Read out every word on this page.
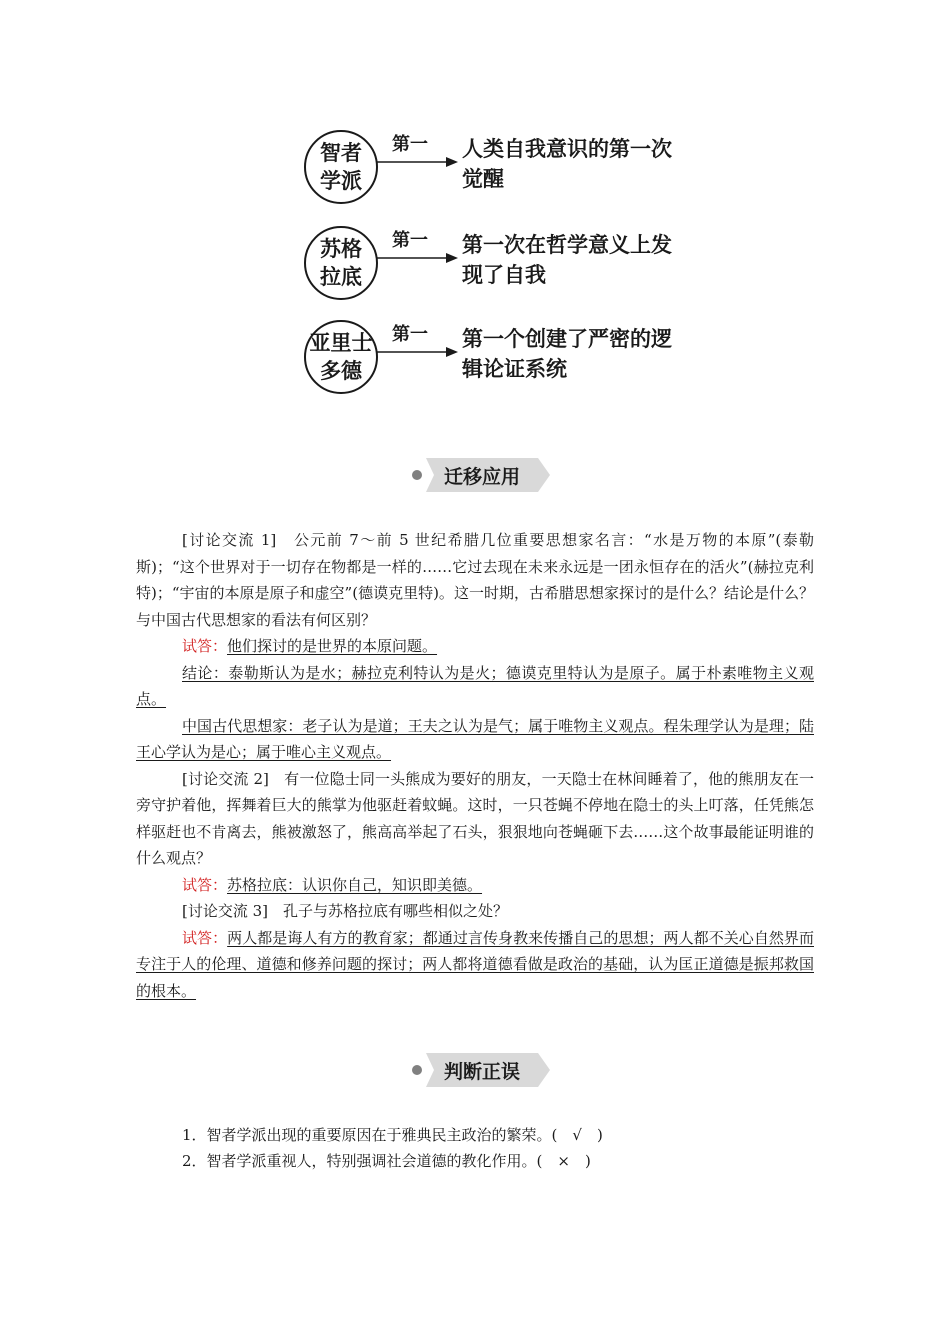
智者
学派
第一 人类自我意识的第一次
觉醒
苏格
拉底
第一 第一次在哲学意义上发
现了自我
亚里士
多德
第一 第一个创建了严密的逻
辑论证系统
迁移应用

[讨论交流 1]　 公元前 7～前 5 世纪希腊几位重要思想家名言：“水是万物的本原”(泰勒斯)；“这个世界对于一切存在物都是一样的……它过去现在未来永远是一团永恒存在的活火”(赫拉克利特)；“宇宙的本原是原子和虚空”(德谟克里特)。这一时期，古希腊思想家探讨的是什么？结论是什么？与中国古代思想家的看法有何区别？

试答：他们探讨的是世界的本原问题。

结论：泰勒斯认为是水；赫拉克利特认为是火；德谟克里特认为是原子。属于朴素唯物主义观点。

中国古代思想家：老子认为是道；王夫之认为是气；属于唯物主义观点。程朱理学认为是理；陆王心学认为是心；属于唯心主义观点。

[讨论交流 2]　 有一位隐士同一头熊成为要好的朋友，一天隐士在林间睡着了，他的熊朋友在一旁守护着他，挥舞着巨大的熊掌为他驱赶着蚊蝇。这时，一只苍蝇不停地在隐士的头上叮落，任凭熊怎样驱赶也不肯离去，熊被激怒了，熊高高举起了石头，狠狠地向苍蝇砸下去……这个故事最能证明谁的什么观点？

试答：苏格拉底：认识你自己，知识即美德。

[讨论交流 3]　 孔子与苏格拉底有哪些相似之处？

试答：两人都是诲人有方的教育家；都通过言传身教来传播自己的思想；两人都不关心自然界而专注于人的伦理、道德和修养问题的探讨；两人都将道德看做是政治的基础，认为匡正道德是振邦救国的根本。

判断正误
1．智者学派出现的重要原因在于雅典民主政治的繁荣。(　√　)
2．智者学派重视人，特别强调社会道德的教化作用。(　×　)
